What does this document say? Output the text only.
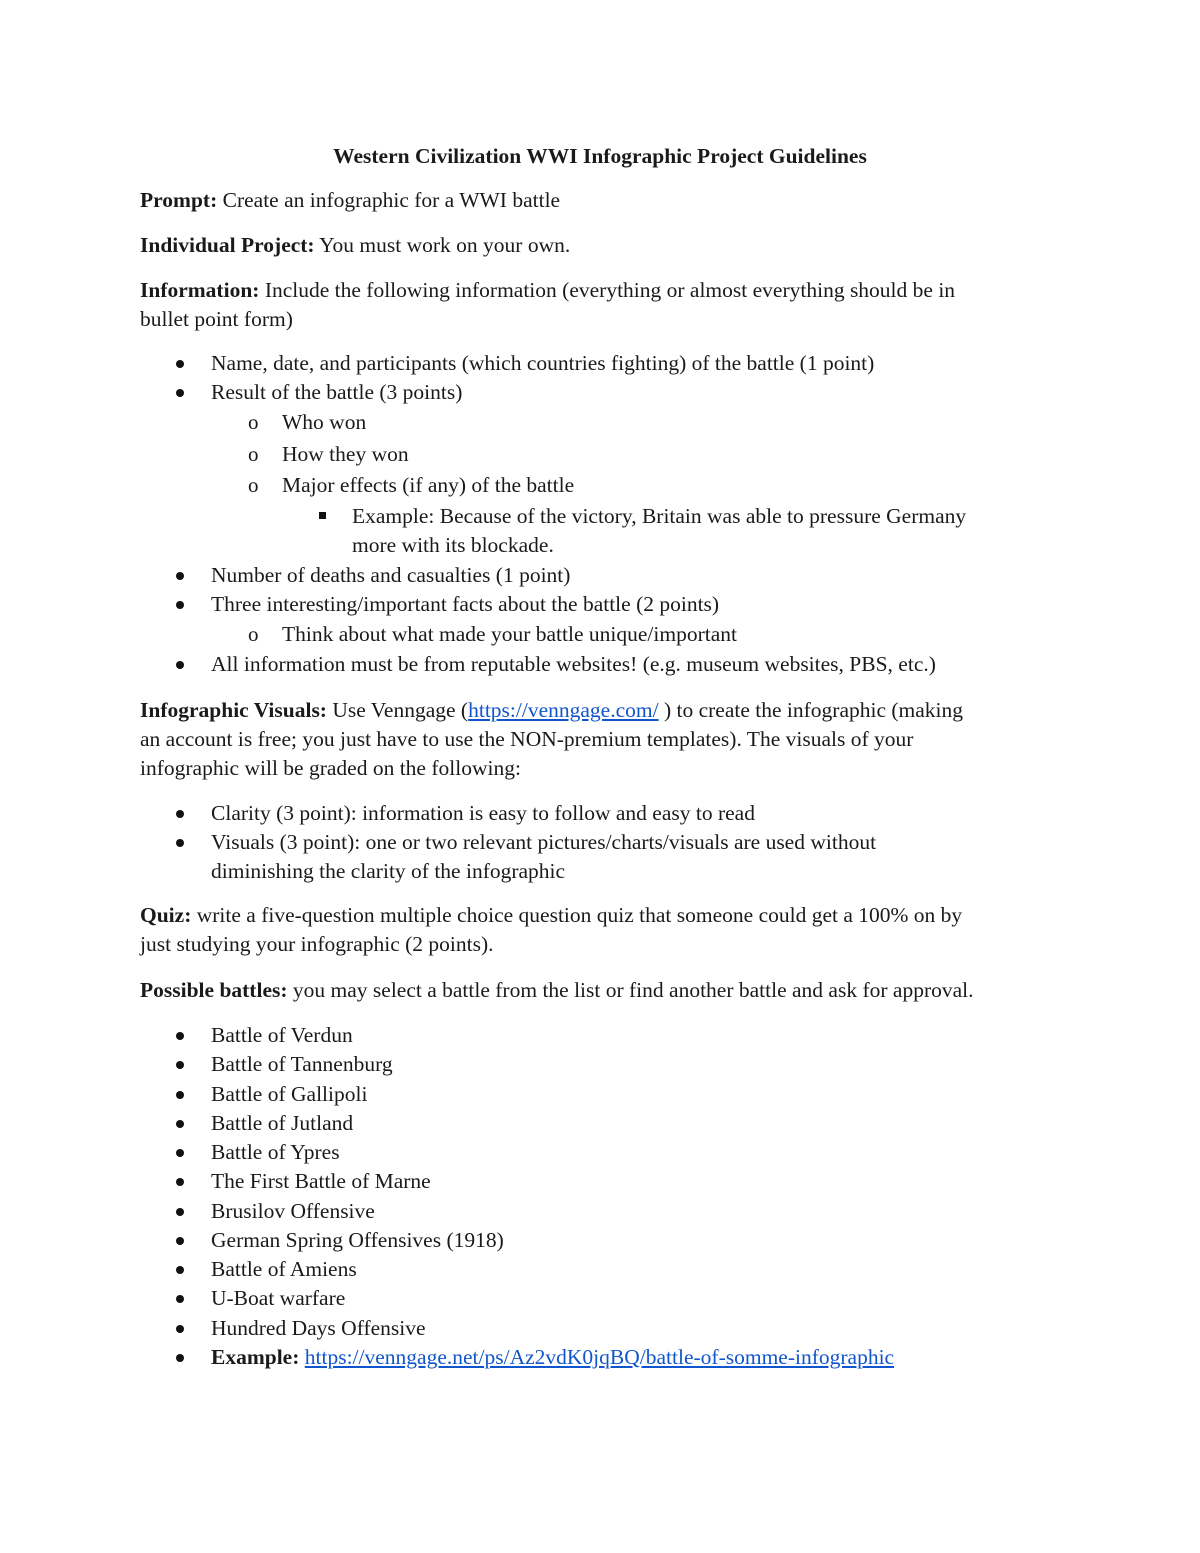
Western Civilization WWI Infographic Project Guidelines
Prompt: Create an infographic for a WWI battle
Individual Project: You must work on your own.
Information: Include the following information (everything or almost everything should be in
bullet point form)
Name, date, and participants (which countries fighting) of the battle (1 point)
Result of the battle (3 points)
o Who won
o How they won
o Major effects (if any) of the battle
Example: Because of the victory, Britain was able to pressure Germany
more with its blockade.
Number of deaths and casualties (1 point)
Three interesting/important facts about the battle (2 points)
o Think about what made your battle unique/important
All information must be from reputable websites! (e.g. museum websites, PBS, etc.)
Infographic Visuals: Use Venngage (https://venngage.com/ ) to create the infographic (making
an account is free; you just have to use the NON-premium templates). The visuals of your
infographic will be graded on the following:
Clarity (3 point): information is easy to follow and easy to read
Visuals (3 point): one or two relevant pictures/charts/visuals are used without
diminishing the clarity of the infographic
Quiz: write a five-question multiple choice question quiz that someone could get a 100% on by
just studying your infographic (2 points).
Possible battles: you may select a battle from the list or find another battle and ask for approval.
Battle of Verdun
Battle of Tannenburg
Battle of Gallipoli
Battle of Jutland
Battle of Ypres
The First Battle of Marne
Brusilov Offensive
German Spring Offensives (1918)
Battle of Amiens
U-Boat warfare
Hundred Days Offensive
Example: https://venngage.net/ps/Az2vdK0jqBQ/battle-of-somme-infographic
